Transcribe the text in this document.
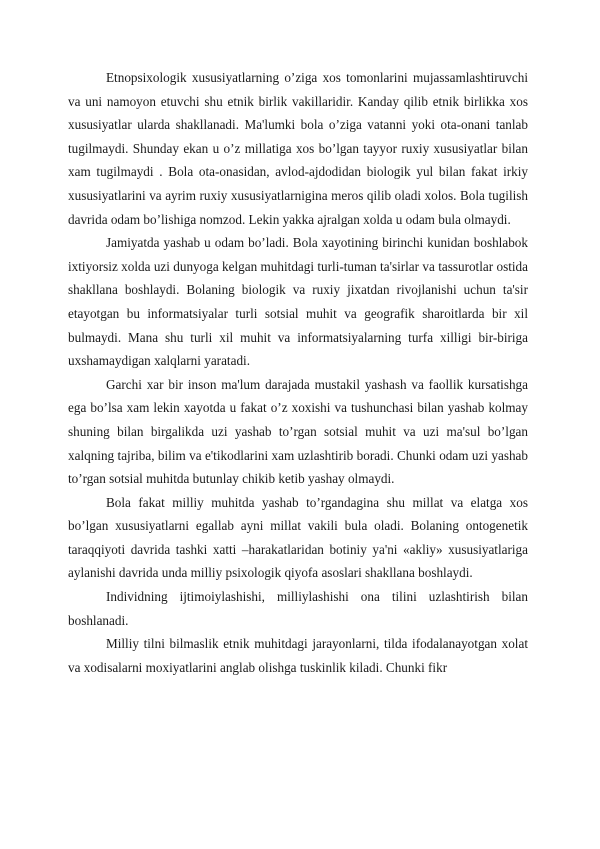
Etnopsixologik xususiyatlarning o’ziga xos tomonlarini mujassamlashtiruvchi va uni namoyon etuvchi shu etnik birlik vakillaridir. Kanday qilib etnik birlikka xos xususiyatlar ularda shakllanadi. Ma'lumki bola o’ziga vatanni yoki ota-onani tanlab tugilmaydi. Shunday ekan u o’z millatiga xos bo’lgan tayyor ruxiy xususiyatlar bilan xam tugilmaydi . Bola ota-onasidan, avlod-ajdodidan biologik yul bilan fakat irkiy xususiyatlarini va ayrim ruxiy xususiyatlarnigina meros qilib oladi xolos. Bola tugilish davrida odam bo’lishiga nomzod. Lekin yakka ajralgan xolda u odam bula olmaydi.

Jamiyatda yashab u odam bo’ladi. Bola xayotining birinchi kunidan boshlabok ixtiyorsiz xolda uzi dunyoga kelgan muhitdagi turli-tuman ta'sirlar va tassurotlar ostida shakllana boshlaydi. Bolaning biologik va ruxiy jixatdan rivojlanishi uchun ta'sir etayotgan bu informatsiyalar turli sotsial muhit va geografik sharoitlarda bir xil bulmaydi. Mana shu turli xil muhit va informatsiyalarning turfa xilligi bir-biriga uxshamaydigan xalqlarni yaratadi.

Garchi xar bir inson ma'lum darajada mustakil yashash va faollik kursatishga ega bo’lsa xam lekin xayotda u fakat o’z xoxishi va tushunchasi bilan yashab kolmay shuning bilan birgalikda uzi yashab to’rgan sotsial muhit va uzi ma'sul bo’lgan xalqning tajriba, bilim va e'tikodlarini xam uzlashtirib boradi. Chunki odam uzi yashab to’rgan sotsial muhitda butunlay chikib ketib yashay olmaydi.

Bola fakat milliy muhitda yashab to’rgandagina shu millat va elatga xos bo’lgan xususiyatlarni egallab ayni millat vakili bula oladi. Bolaning ontogenetik taraqqiyoti davrida tashki xatti –harakatlaridan botiniy ya'ni «akliy» xususiyatlariga aylanishi davrida unda milliy psixologik qiyofa asoslari shakllana boshlaydi.

Individning ijtimoiylashishi, milliylashishi ona tilini uzlashtirish bilan boshlanadi.

Milliy tilni bilmaslik etnik muhitdagi jarayonlarni, tilda ifodalanayotgan xolat va xodisalarni moxiyatlarini anglab olishga tuskinlik kiladi. Chunki fikr
